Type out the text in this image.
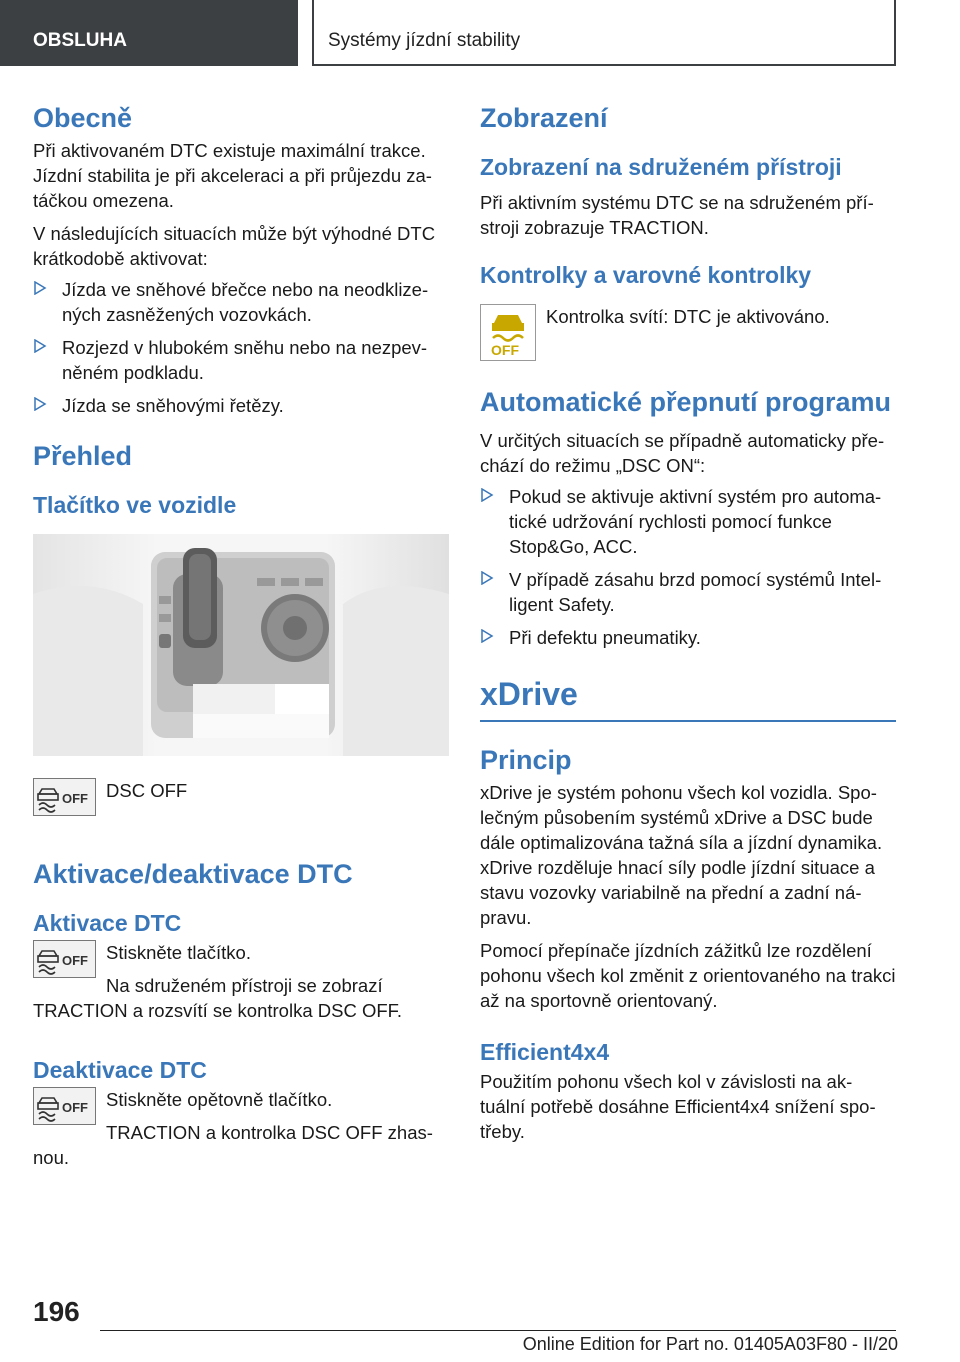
OBSLUHA	Systémy jízdní stability
Obecně

Při aktivovaném DTC existuje maximální trakce. Jízdní stabilita je při akceleraci a při průjezdu za-táčkou omezena.

V následujících situacích může být výhodné DTC krátkodobě aktivovat:

Jízda ve sněhové břečce nebo na neodklize-ných zasněžených vozovkách.
Rozjezd v hlubokém sněhu nebo na nezpev-něném podkladu.
Jízda se sněhovými řetězy.
Přehled
Tlačítko ve vozidle
OFF DSC OFF

Aktivace/deaktivace DTC
Aktivace DTC
OFF Stiskněte tlačítko.

Na sdruženém přístroji se zobrazí TRACTION a rozsvítí se kontrolka DSC OFF.

Deaktivace DTC
OFF Stiskněte opětovně tlačítko.

TRACTION a kontrolka DSC OFF zhas-nou.

Zobrazení
Zobrazení na sdruženém přístroji

Při aktivním systému DTC se na sdruženém pří-stroji zobrazuje TRACTION.

Kontrolky a varovné kontrolky
OFF

Kontrolka svítí: DTC je aktivováno.

Automatické přepnutí programu

V určitých situacích se případně automaticky pře-chází do režimu „DSC ON“:

Pokud se aktivuje aktivní systém pro automa-tické udržování rychlosti pomocí funkce Stop&Go, ACC.
V případě zásahu brzd pomocí systémů Intel-ligent Safety.
Při defektu pneumatiky.
xDrive
Princip

xDrive je systém pohonu všech kol vozidla. Spo-lečným působením systémů xDrive a DSC bude dále optimalizována tažná síla a jízdní dynamika. xDrive rozděluje hnací síly podle jízdní situace a stavu vozovky variabilně na přední a zadní ná-pravu.

Pomocí přepínače jízdních zážitků lze rozdělení pohonu všech kol změnit z orientovaného na trakci až na sportovně orientovaný.

Efficient4x4

Použitím pohonu všech kol v závislosti na ak-tuální potřebě dosáhne Efficient4x4 snížení spo-třeby.

196
Online Edition for Part no. 01405A03F80 - II/20
